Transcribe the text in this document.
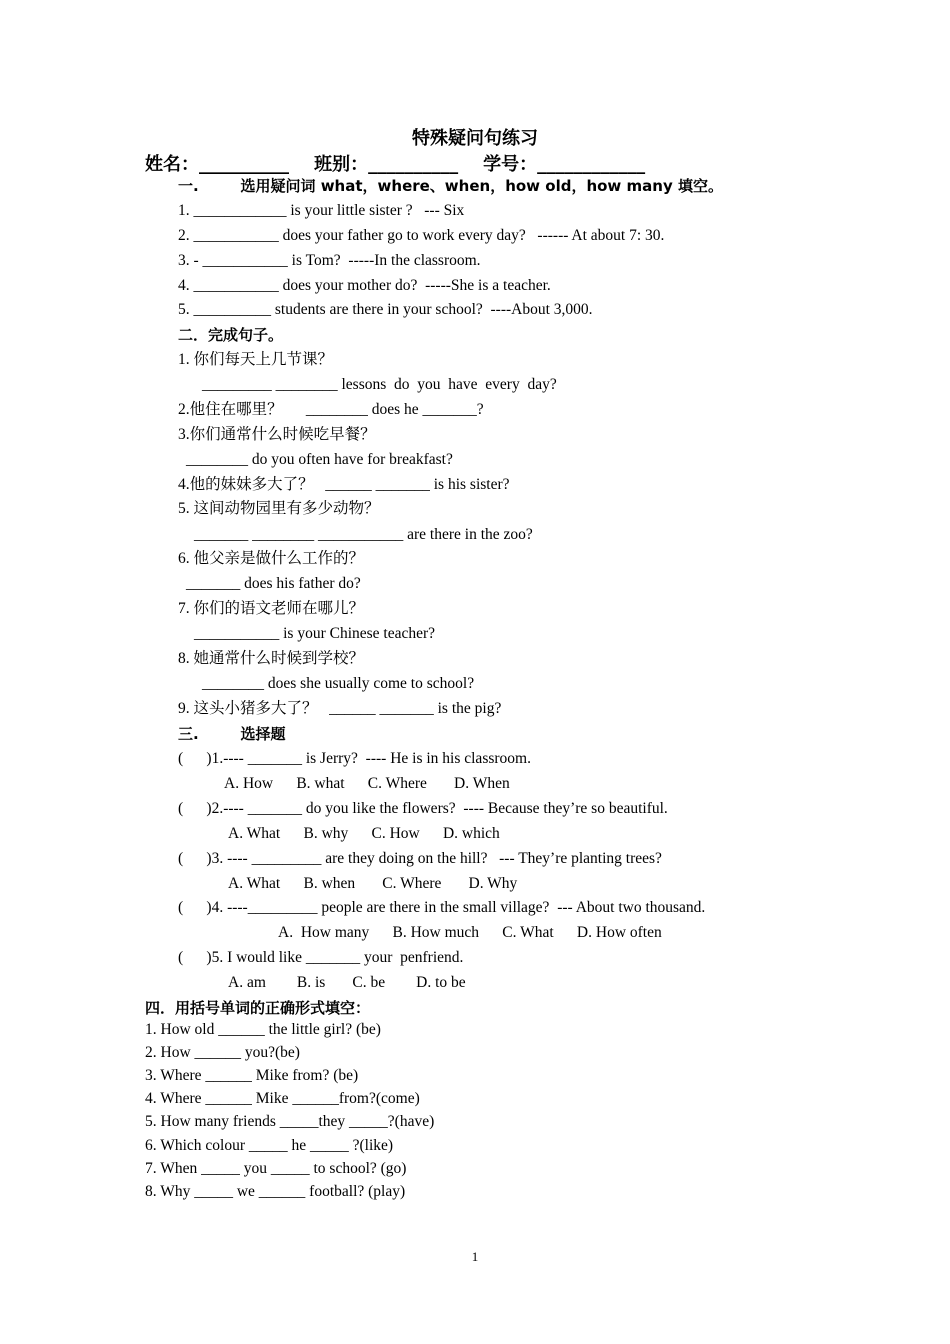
特殊疑问句练习
姓名：__________    班别：__________    学号：____________
一.        选用疑问词 what，where、when，how old，how many 填空。
1. ____________ is your little sister ?   --- Six
2. ___________ does your father go to work every day?   ------ At about 7: 30.
3. - ___________ is Tom?  -----In the classroom.
4. ___________ does your mother do?  -----She is a teacher.
5. __________ students are there in your school?  ----About 3,000.
二．完成句子。
1. 你们每天上几节课？
_________ ________ lessons  do  you  have  every  day?
2.他住在哪里？      ________ does he _______?
3.你们通常什么时候吃早餐？
________ do you often have for breakfast?
4.他的妹妹多大了？   ______ _______ is his sister?
5. 这间动物园里有多少动物？
_______ ________ ___________ are there in the zoo?
6. 他父亲是做什么工作的？
_______ does his father do?
7. 你们的语文老师在哪儿？
___________ is your Chinese teacher?
8. 她通常什么时候到学校？
________ does she usually come to school?
9. 这头小猪多大了？   ______ _______ is the pig?
三.        选择题
(      )1.---- _______ is Jerry?  ---- He is in his classroom.
A. How      B. what      C. Where       D. When
(      )2.---- _______ do you like the flowers?  ---- Because they’re so beautiful.
A. What      B. why      C. How      D. which
(      )3. ---- _________ are they doing on the hill?   --- They’re planting trees?
A. What      B. when       C. Where       D. Why
(      )4. ----_________ people are there in the small village?  --- About two thousand.
A.  How many      B. How much      C. What      D. How often
(      )5. I would like _______ your  penfriend.
A. am        B. is       C. be        D. to be
四．用括号单词的正确形式填空：
1. How old ______ the little girl? (be)
2. How ______ you?(be)
3. Where ______ Mike from? (be)
4. Where ______ Mike ______from?(come)
5. How many friends _____they _____?(have)
6. Which colour _____ he _____ ?(like)
7. When _____ you _____ to school? (go)
8. Why _____ we ______ football? (play)
1
